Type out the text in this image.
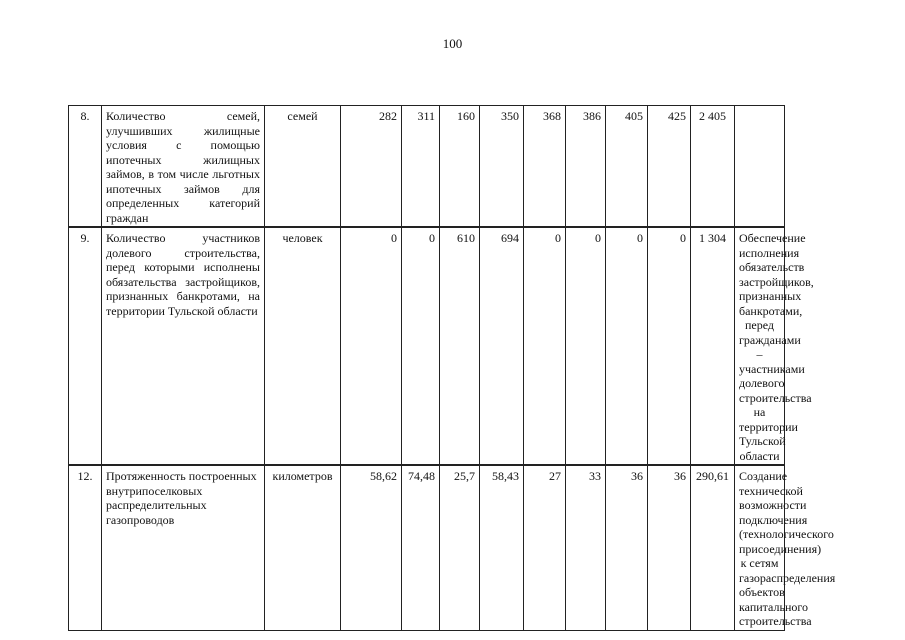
100
8.	Количество семей, улучшивших жилищные условия с помощью ипотечных жилищных займов, в том числе льготных ипотечных займов для определенных категорий граждан	семей	282	311	160	350	368	386	405	425	2 405	
9.	Количество участников долевого строительства, перед которыми исполнены обязательства застройщиков, признанных банкротами, на территории Тульской области	человек	0	0	610	694	0	0	0	0	1 304	Обеспечение исполнения обязательств застройщиков, признанных банкротами, перед гражданами – участниками долевого строительства на территории Тульской области
12.	Протяженность построенных внутрипоселковых распределительных газопроводов	километров	58,62	74,48	25,7	58,43	27	33	36	36	290,61	Создание технической возможности подключения (технологического присоединения) к сетям газораспределения объектов капитального строительства
